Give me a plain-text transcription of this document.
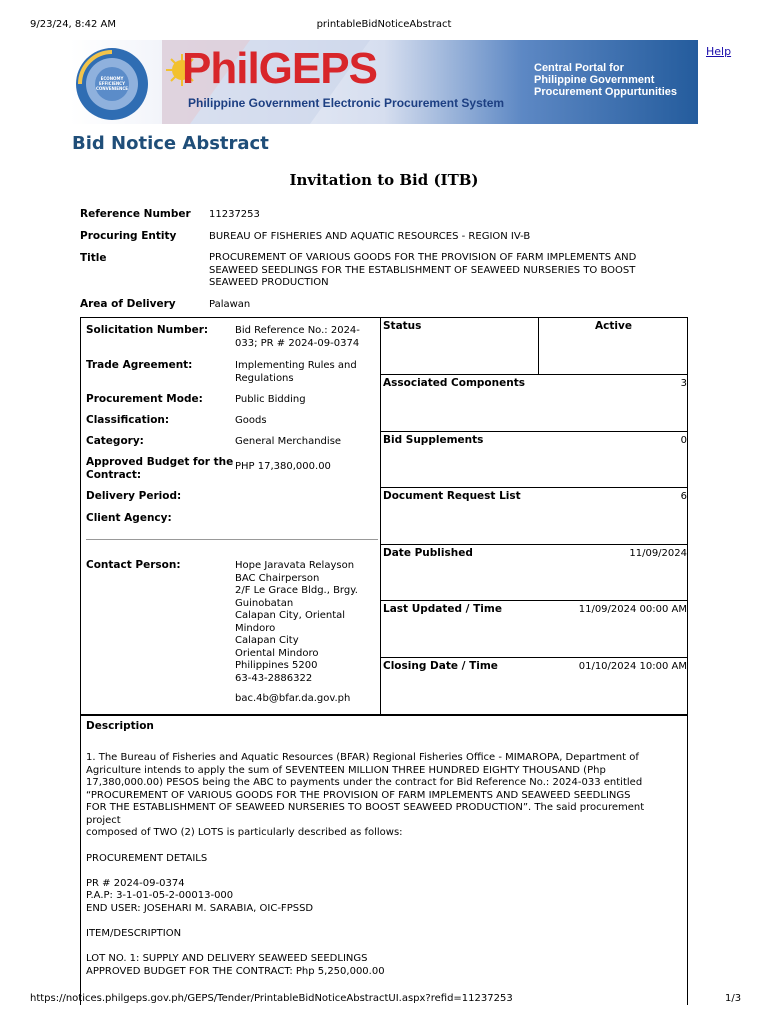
9/23/24, 8:42 AM	printableBidNoticeAbstract
ECONOMY EFFICIENCY CONVENIENCE PhilGEPS
Philippine Government Electronic Procurement System
Central Portal for
Philippine Government
Procurement Oppurtunities
Help
Bid Notice Abstract
Invitation to Bid (ITB)
Reference Number 11237253
Procuring Entity	BUREAU OF FISHERIES AND AQUATIC RESOURCES - REGION IV-B
Title	PROCUREMENT OF VARIOUS GOODS FOR THE PROVISION OF FARM IMPLEMENTS AND
SEAWEED SEEDLINGS FOR THE ESTABLISHMENT OF SEAWEED NURSERIES TO BOOST
SEAWEED PRODUCTION
Area of Delivery	Palawan
Solicitation Number:	Bid Reference No.: 2024-
033; PR # 2024-09-0374
Trade Agreement:	Implementing Rules and
Regulations
Procurement Mode:	Public Bidding
Classification:	Goods
Category:	General Merchandise
Approved Budget for the
Contract:
PHP 17,380,000.00
Delivery Period:
Client Agency:
Contact Person:	Hope Jaravata Relayson
BAC Chairperson
2/F Le Grace Bldg., Brgy.
Guinobatan
Calapan City, Oriental
Mindoro
Calapan City
Oriental Mindoro
Philippines 5200
63-43-2886322
bac.4b@bfar.da.gov.ph
Status	Active
Associated Components	3
Bid Supplements	0
Document Request List	6
Date Published	11/09/2024
Last Updated / Time	11/09/2024 00:00 AM
Closing Date / Time	01/10/2024 10:00 AM
Description
1. The Bureau of Fisheries and Aquatic Resources (BFAR) Regional Fisheries Office - MIMAROPA, Department of
Agriculture intends to apply the sum of SEVENTEEN MILLION THREE HUNDRED EIGHTY THOUSAND (Php
17,380,000.00) PESOS being the ABC to payments under the contract for Bid Reference No.: 2024-033 entitled
“PROCUREMENT OF VARIOUS GOODS FOR THE PROVISION OF FARM IMPLEMENTS AND SEAWEED SEEDLINGS
FOR THE ESTABLISHMENT OF SEAWEED NURSERIES TO BOOST SEAWEED PRODUCTION”. The said procurement project
composed of TWO (2) LOTS is particularly described as follows:
PROCUREMENT DETAILS
PR # 2024-09-0374
P.A.P: 3-1-01-05-2-00013-000
END USER: JOSEHARI M. SARABIA, OIC-FPSSD
ITEM/DESCRIPTION
LOT NO. 1: SUPPLY AND DELIVERY SEAWEED SEEDLINGS
APPROVED BUDGET FOR THE CONTRACT: Php 5,250,000.00
https://notices.philgeps.gov.ph/GEPS/Tender/PrintableBidNoticeAbstractUI.aspx?refid=11237253	1/3
